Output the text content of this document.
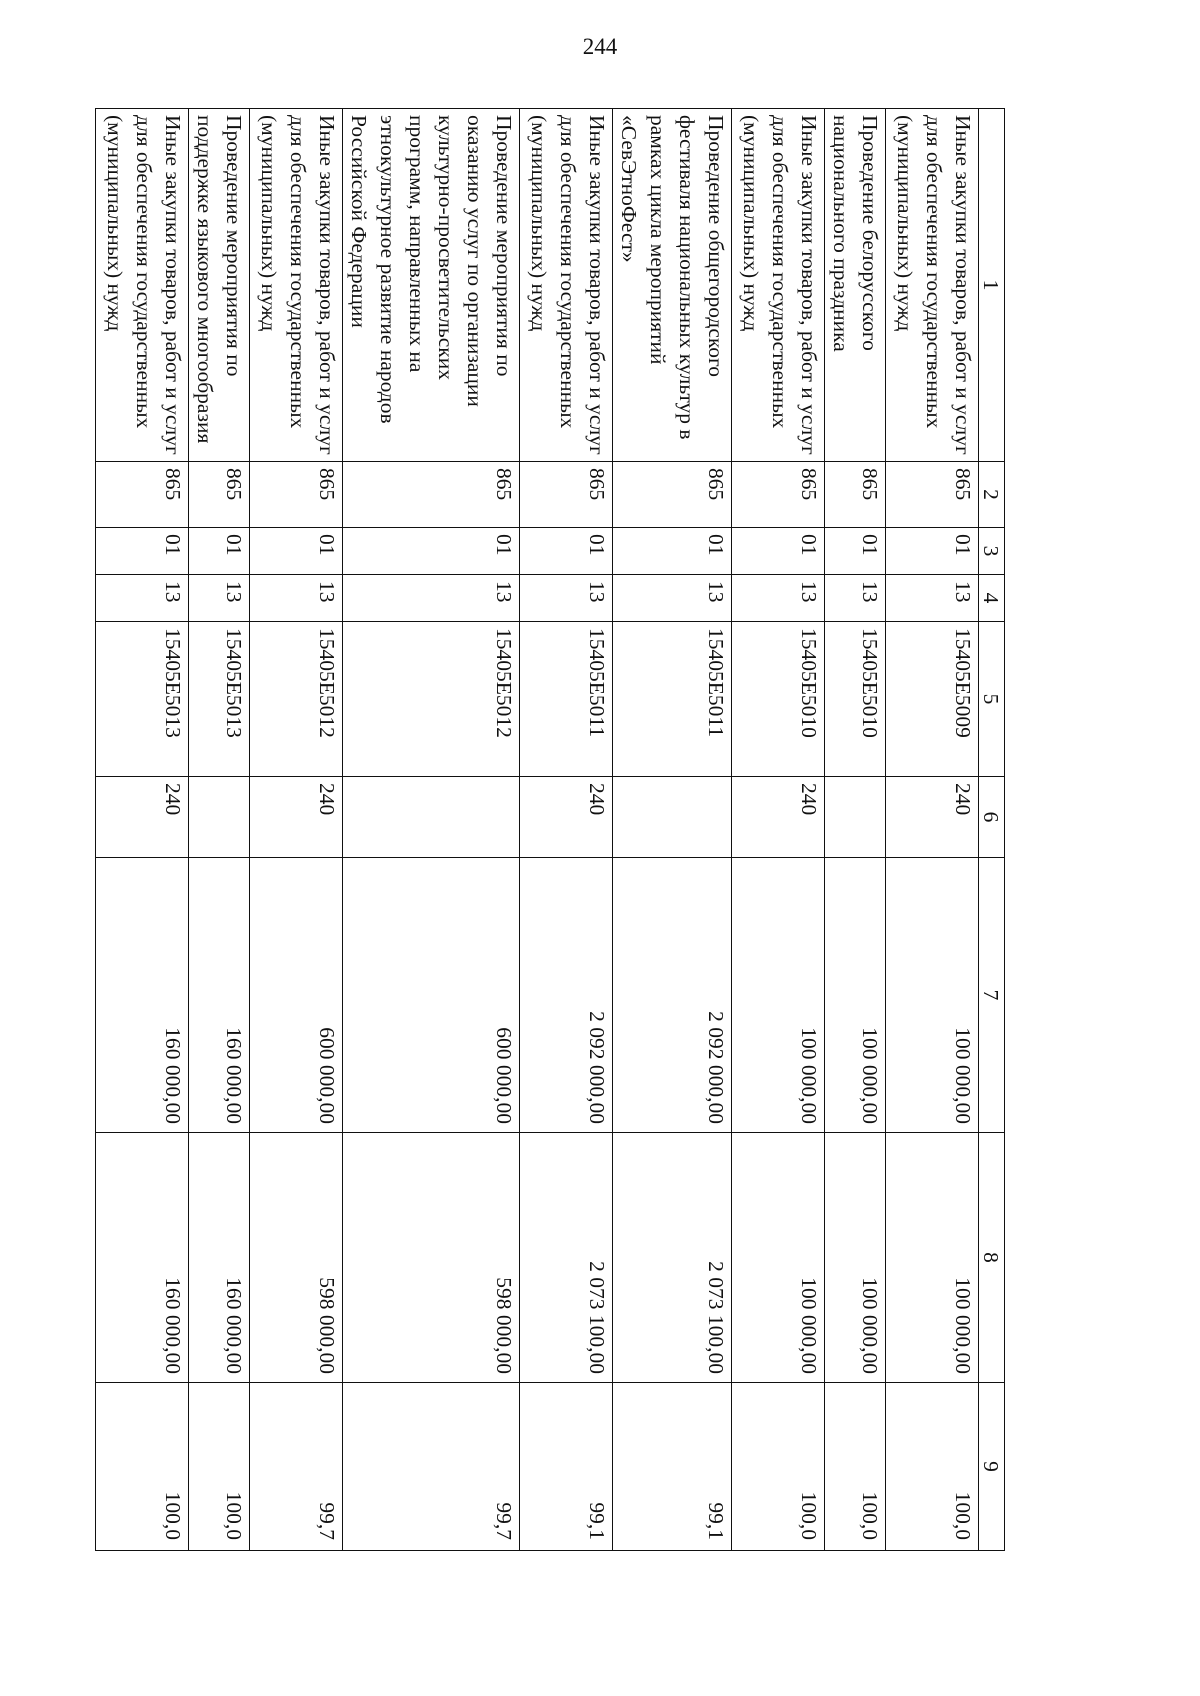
244
1	2	3	4	5	6	7	8	9
Иные закупки товаров, работ и услуг для обеспечения государственных (муниципальных) нужд	865	01	13	15405Е5009	240	100 000,00	100 000,00	100,0
Проведение белорусского национального праздника	865	01	13	15405Е5010		100 000,00	100 000,00	100,0
Иные закупки товаров, работ и услуг для обеспечения государственных (муниципальных) нужд	865	01	13	15405Е5010	240	100 000,00	100 000,00	100,0
Проведение общегородского фестиваля национальных культур в рамках цикла мероприятий «СевЭтноФест»	865	01	13	15405Е5011		2 092 000,00	2 073 100,00	99,1
Иные закупки товаров, работ и услуг для обеспечения государственных (муниципальных) нужд	865	01	13	15405Е5011	240	2 092 000,00	2 073 100,00	99,1
Проведение мероприятия по оказанию услуг по организации культурно-просветительских программ, направленных на этнокультурное развитие народов Российской Федерации	865	01	13	15405Е5012		600 000,00	598 000,00	99,7
Иные закупки товаров, работ и услуг для обеспечения государственных (муниципальных) нужд	865	01	13	15405Е5012	240	600 000,00	598 000,00	99,7
Проведение мероприятия по поддержке языкового многообразия	865	01	13	15405Е5013		160 000,00	160 000,00	100,0
Иные закупки товаров, работ и услуг для обеспечения государственных (муниципальных) нужд	865	01	13	15405Е5013	240	160 000,00	160 000,00	100,0
